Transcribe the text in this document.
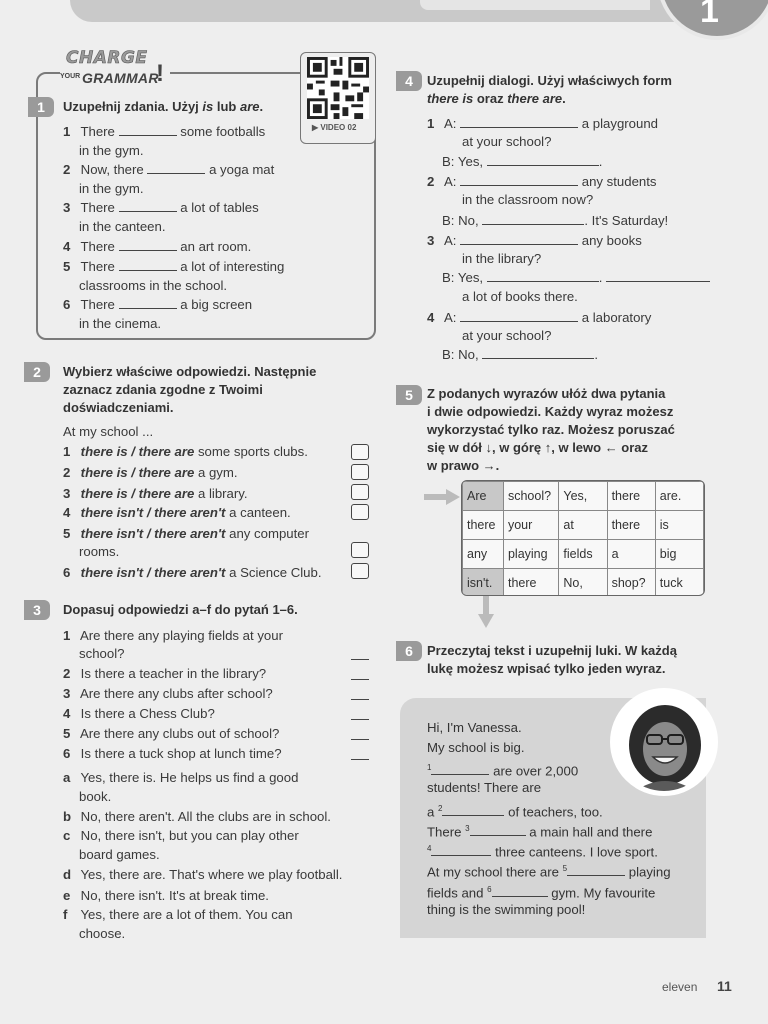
1
CHARGE
YOUR GRAMMAR
!
▶ VIDEO 02
1	Uzupełnij zdania. Użyj is lub are.
1 There	some footballs
in the gym.
2 Now, there	a yoga mat
in the gym.
3 There	a lot of tables
in the canteen.
4 There	an art room.
5 There	a lot of interesting
classrooms in the school.
6 There	a big screen
in the cinema.
2	Wybierz właściwe odpowiedzi. Następnie
zaznacz zdania zgodne z Twoimi
doświadczeniami.
At my school ...
1 there is / there are some sports clubs.
2 there is / there are a gym.
3 there is / there are a library.
4 there isn't / there aren't a canteen.
5 there isn't / there aren't any computer
rooms.
6 there isn't / there aren't a Science Club.
3	Dopasuj odpowiedzi a–f do pytań 1–6.
1 Are there any playing fields at your
school?
2 Is there a teacher in the library?
3 Are there any clubs after school?
4 Is there a Chess Club?
5 Are there any clubs out of school?
6 Is there a tuck shop at lunch time?
a Yes, there is. He helps us find a good
book.
b No, there aren't. All the clubs are in school.
c No, there isn't, but you can play other
board games.
d Yes, there are. That's where we play football.
e No, there isn't. It's at break time.
f Yes, there are a lot of them. You can
choose.
4	Uzupełnij dialogi. Użyj właściwych form
there is oraz there are.
1 A:	a playground
at your school?
B: Yes,	.
2 A:	any students
in the classroom now?
B: No,	. It's Saturday!
3 A:	any books
in the library?
B: Yes,	.
a lot of books there.
4 A:	a laboratory
at your school?
B: No,	.
5	Z podanych wyrazów ułóż dwa pytania
i dwie odpowiedzi. Każdy wyraz możesz
wykorzystać tylko raz. Możesz poruszać
się w dół ↓, w górę ↑, w lewo ← oraz
w prawo →.
Are	school?	Yes,	there	are.
there	your	at	there	is
any	playing	fields	a	big
isn't.	there	No,	shop?	tuck
6	Przeczytaj tekst i uzupełnij luki. W każdą
lukę możesz wpisać tylko jeden wyraz.
Hi, I'm Vanessa.
My school is big.
$^1$	are over 2,000
students! There are
a $^2$	of teachers, too.
There $^3$	a main hall and there
$^4$	three canteens. I love sport.
At my school there are $^5$	playing
fields and $^6$	gym. My favourite
thing is the swimming pool!
eleven 11
